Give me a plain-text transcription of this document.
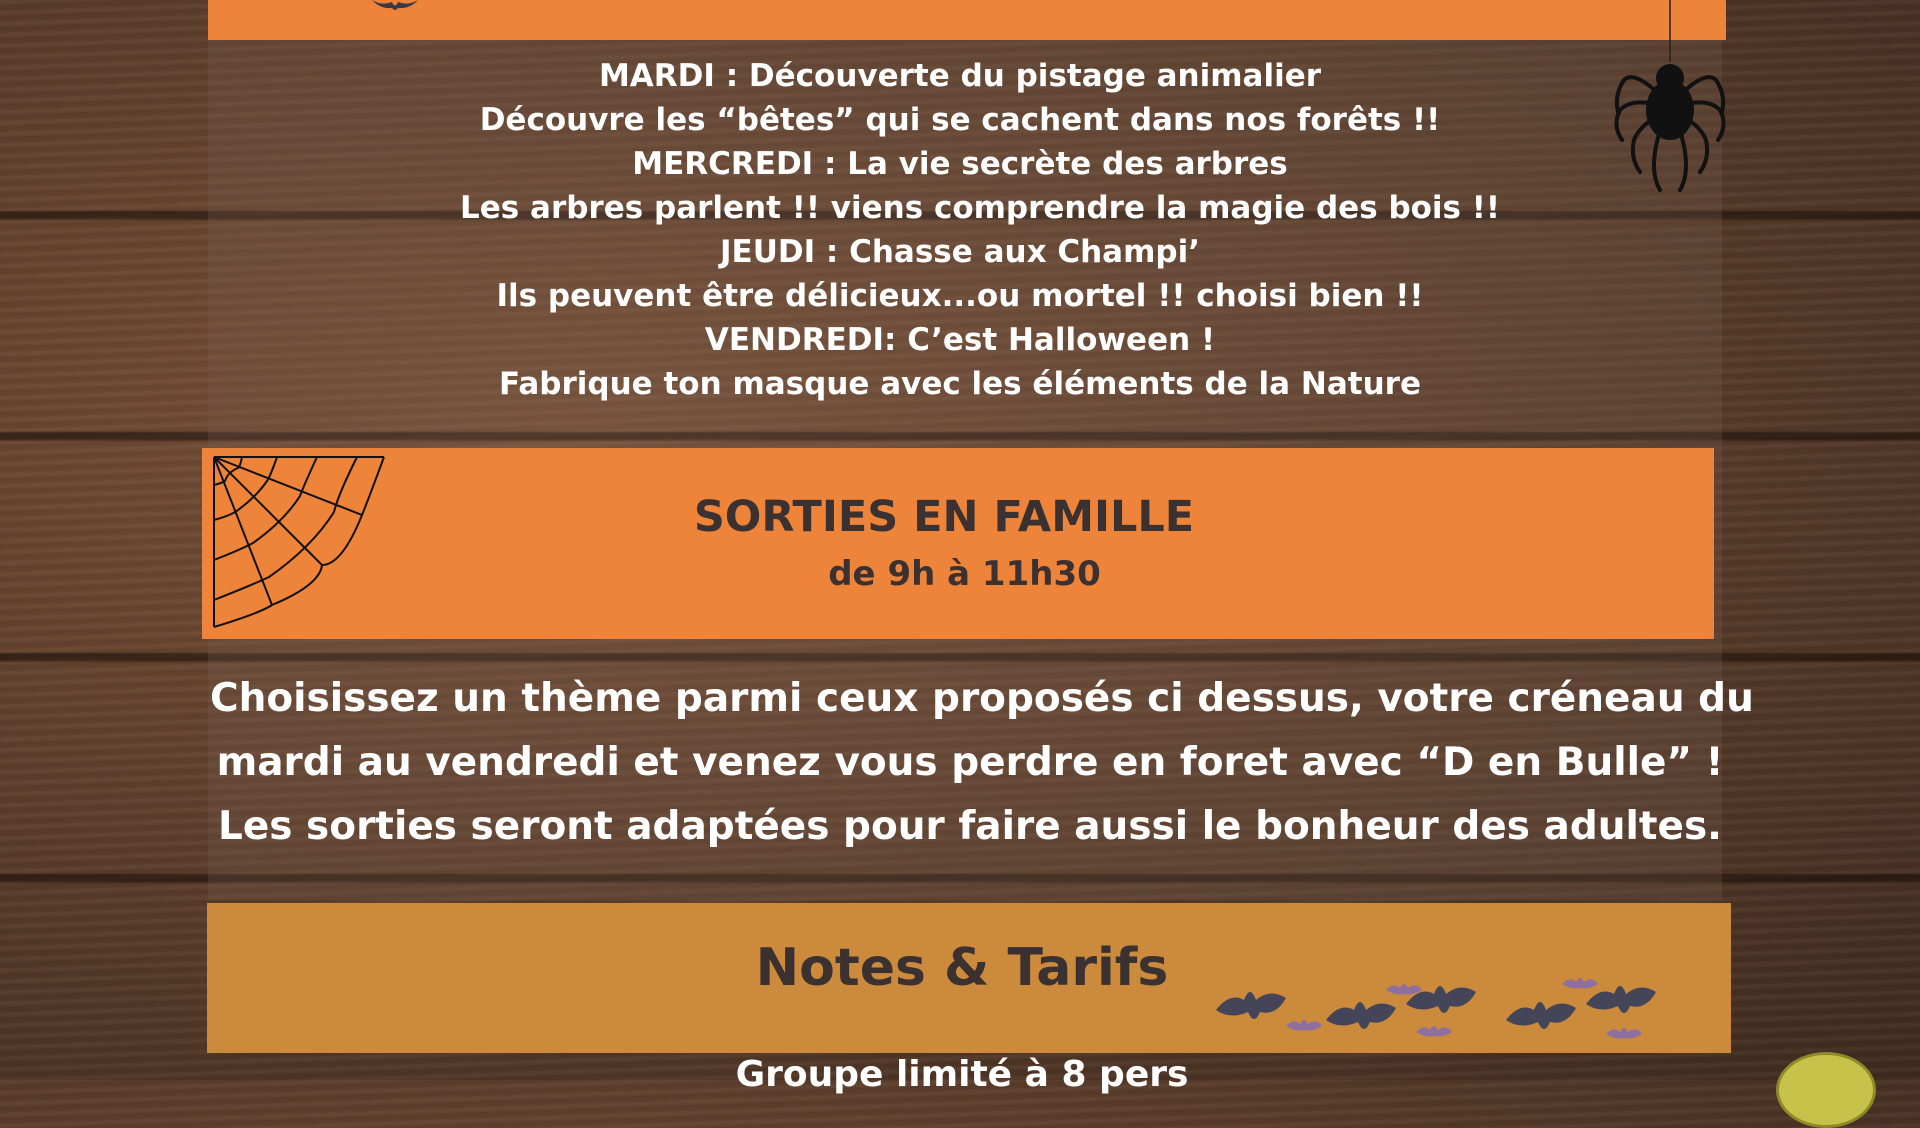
MARDI : Découverte du pistage animalier
Découvre les “bêtes” qui se cachent dans nos forêts !!
MERCREDI : La vie secrète des arbres
Les arbres parlent !! viens comprendre la magie des bois !!
JEUDI : Chasse aux Champi’
Ils peuvent être délicieux...ou mortel !! choisi bien !!
VENDREDI: C’est Halloween !
Fabrique ton masque avec les éléments de la Nature
SORTIES EN FAMILLE
de 9h à 11h30
Choisissez un thème parmi ceux proposés ci dessus, votre créneau du
mardi au vendredi et venez vous perdre en foret avec “D en Bulle” !
Les sorties seront adaptées pour faire aussi le bonheur des adultes.
Notes & Tarifs
Groupe limité à 8 pers
